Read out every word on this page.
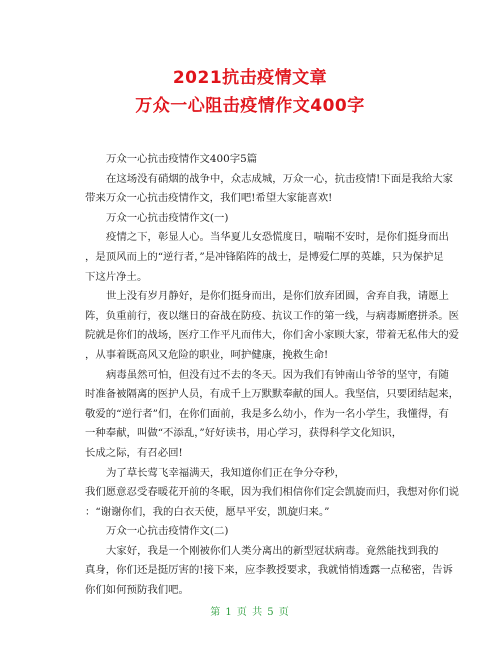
2021抗击疫情文章
万众一心阻击疫情作文400字
万众一心抗击疫情作文400字5篇
在这场没有硝烟的战争中，众志成城，万众一心，抗击疫情!下面是我给大家
带来万众一心抗击疫情作文，我们吧!希望大家能喜欢!
万众一心抗击疫情作文(一)
疫情之下，彰显人心。当华夏儿女恐慌度日，喘喘不安时，是你们挺身而出
，是顶风而上的“逆行者，”是冲锋陷阵的战士，是博爱仁厚的英雄，只为保护足
下这片净土。
世上没有岁月静好，是你们挺身而出，是你们放弃团圆，舍弃自我，请愿上
阵，负重前行，夜以继日的奋战在防疫、抗议工作的第一线，与病毒厮磨拼杀。医
院就是你们的战场，医疗工作平凡而伟大，你们舍小家顾大家，带着无私伟大的爱
，从事着既高风又危险的职业，呵护健康，挽救生命!
病毒虽然可怕，但没有过不去的冬天。因为我们有钟南山爷爷的坚守，有随
时准备被隔离的医护人员，有成千上万默默奉献的国人。我坚信，只要团结起来，
敬爱的“逆行者”们，在你们面前，我是多么幼小，作为一名小学生，我懂得，有
一种奉献，叫做“不添乱，”好好读书，用心学习，获得科学文化知识，
长成之际，有召必回!
为了草长莺飞幸福满天，我知道你们正在争分夺秒，
我们愿意忍受春暖花开前的冬眠，因为我们相信你们定会凯旋而归，我想对你们说
：“谢谢你们，我的白衣天使，愿早平安，凯旋归来。”
万众一心抗击疫情作文(二)
大家好，我是一个刚被你们人类分离出的新型冠状病毒。竟然能找到我的
真身，你们还是挺厉害的!接下来，应李教授要求，我就悄悄透露一点秘密，告诉
你们如何预防我们吧。
第 1 页 共 5 页
